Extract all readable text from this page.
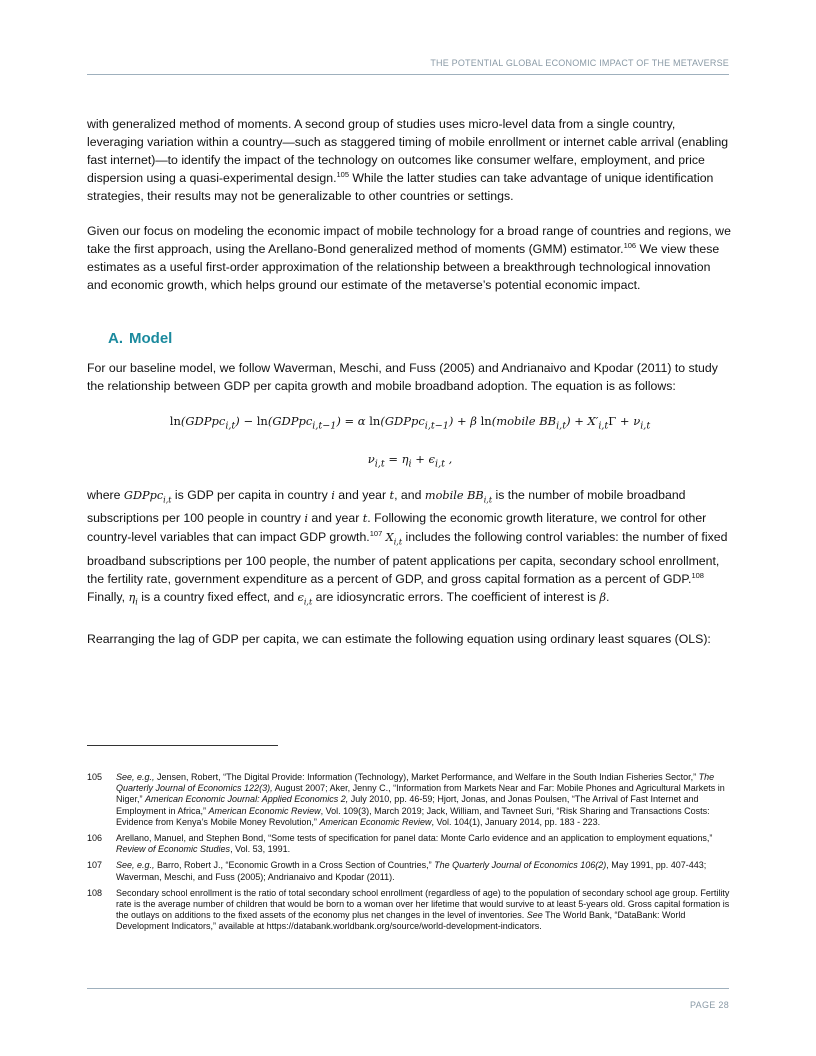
THE POTENTIAL GLOBAL ECONOMIC IMPACT OF THE METAVERSE

with generalized method of moments. A second group of studies uses micro-level data from a single country, leveraging variation within a country—such as staggered timing of mobile enrollment or internet cable arrival (enabling fast internet)—to identify the impact of the technology on outcomes like consumer welfare, employment, and price dispersion using a quasi-experimental design.$^{105}$ While the latter studies can take advantage of unique identification strategies, their results may not be generalizable to other countries or settings.

Given our focus on modeling the economic impact of mobile technology for a broad range of countries and regions, we take the first approach, using the Arellano-Bond generalized method of moments (GMM) estimator.$^{106}$ We view these estimates as a useful first-order approximation of the relationship between a breakthrough technological innovation and economic growth, which helps ground our estimate of the metaverse’s potential economic impact.

A. Model

For our baseline model, we follow Waverman, Meschi, and Fuss (2005) and Andrianaivo and Kpodar (2011) to study the relationship between GDP per capita growth and mobile broadband adoption. The equation is as follows:

ln(GDPpc$_{i,t}$) − ln(GDPpc$_{i,t-1}$) = α ln(GDPpc$_{i,t-1}$) + β ln(mobile $BB_{i,t}) + X'_{i,t}\Gamma + \nu_{i,t}$
$\nu_{i,t} = \eta_i + \epsilon_{i,t}$ ,

where GDPpc$_{i,t}$ is GDP per capita in country i and year t, and mobile $BB_{i,t}$ is the number of mobile broadband subscriptions per 100 people in country i and year t. Following the economic growth literature, we control for other country-level variables that can impact GDP growth.$^{107}$ $X_{i,t}$ includes the following control variables: the number of fixed broadband subscriptions per 100 people, the number of patent applications per capita, secondary school enrollment, the fertility rate, government expenditure as a percent of GDP, and gross capital formation as a percent of GDP.$^{108}$ Finally, $\eta_i$ is a country fixed effect, and $\epsilon_{i,t}$ are idiosyncratic errors. The coefficient of interest is β.

Rearranging the lag of GDP per capita, we can estimate the following equation using ordinary least squares (OLS):

105	See, e.g., Jensen, Robert, “The Digital Provide: Information (Technology), Market Performance, and Welfare in the South Indian Fisheries Sector,” The Quarterly Journal of Economics 122(3), August 2007; Aker, Jenny C., “Information from Markets Near and Far: Mobile Phones and Agricultural Markets in Niger,” American Economic Journal: Applied Economics 2, July 2010, pp. 46-59; Hjort, Jonas, and Jonas Poulsen, “The Arrival of Fast Internet and Employment in Africa,” American Economic Review, Vol. 109(3), March 2019; Jack, William, and Tavneet Suri, “Risk Sharing and Transactions Costs: Evidence from Kenya’s Mobile Money Revolution,” American Economic Review, Vol. 104(1), January 2014, pp. 183 - 223.
106	Arellano, Manuel, and Stephen Bond, “Some tests of specification for panel data: Monte Carlo evidence and an application to employment equations,” Review of Economic Studies, Vol. 53, 1991.
107	See, e.g., Barro, Robert J., “Economic Growth in a Cross Section of Countries,” The Quarterly Journal of Economics 106(2), May 1991, pp. 407-443; Waverman, Meschi, and Fuss (2005); Andrianaivo and Kpodar (2011).
108	Secondary school enrollment is the ratio of total secondary school enrollment (regardless of age) to the population of secondary school age group. Fertility rate is the average number of children that would be born to a woman over her lifetime that would survive to at least 5-years old. Gross capital formation is the outlays on additions to the fixed assets of the economy plus net changes in the level of inventories. See The World Bank, “DataBank: World Development Indicators,” available at https://databank.worldbank.org/source/world-development-indicators.
PAGE 28
